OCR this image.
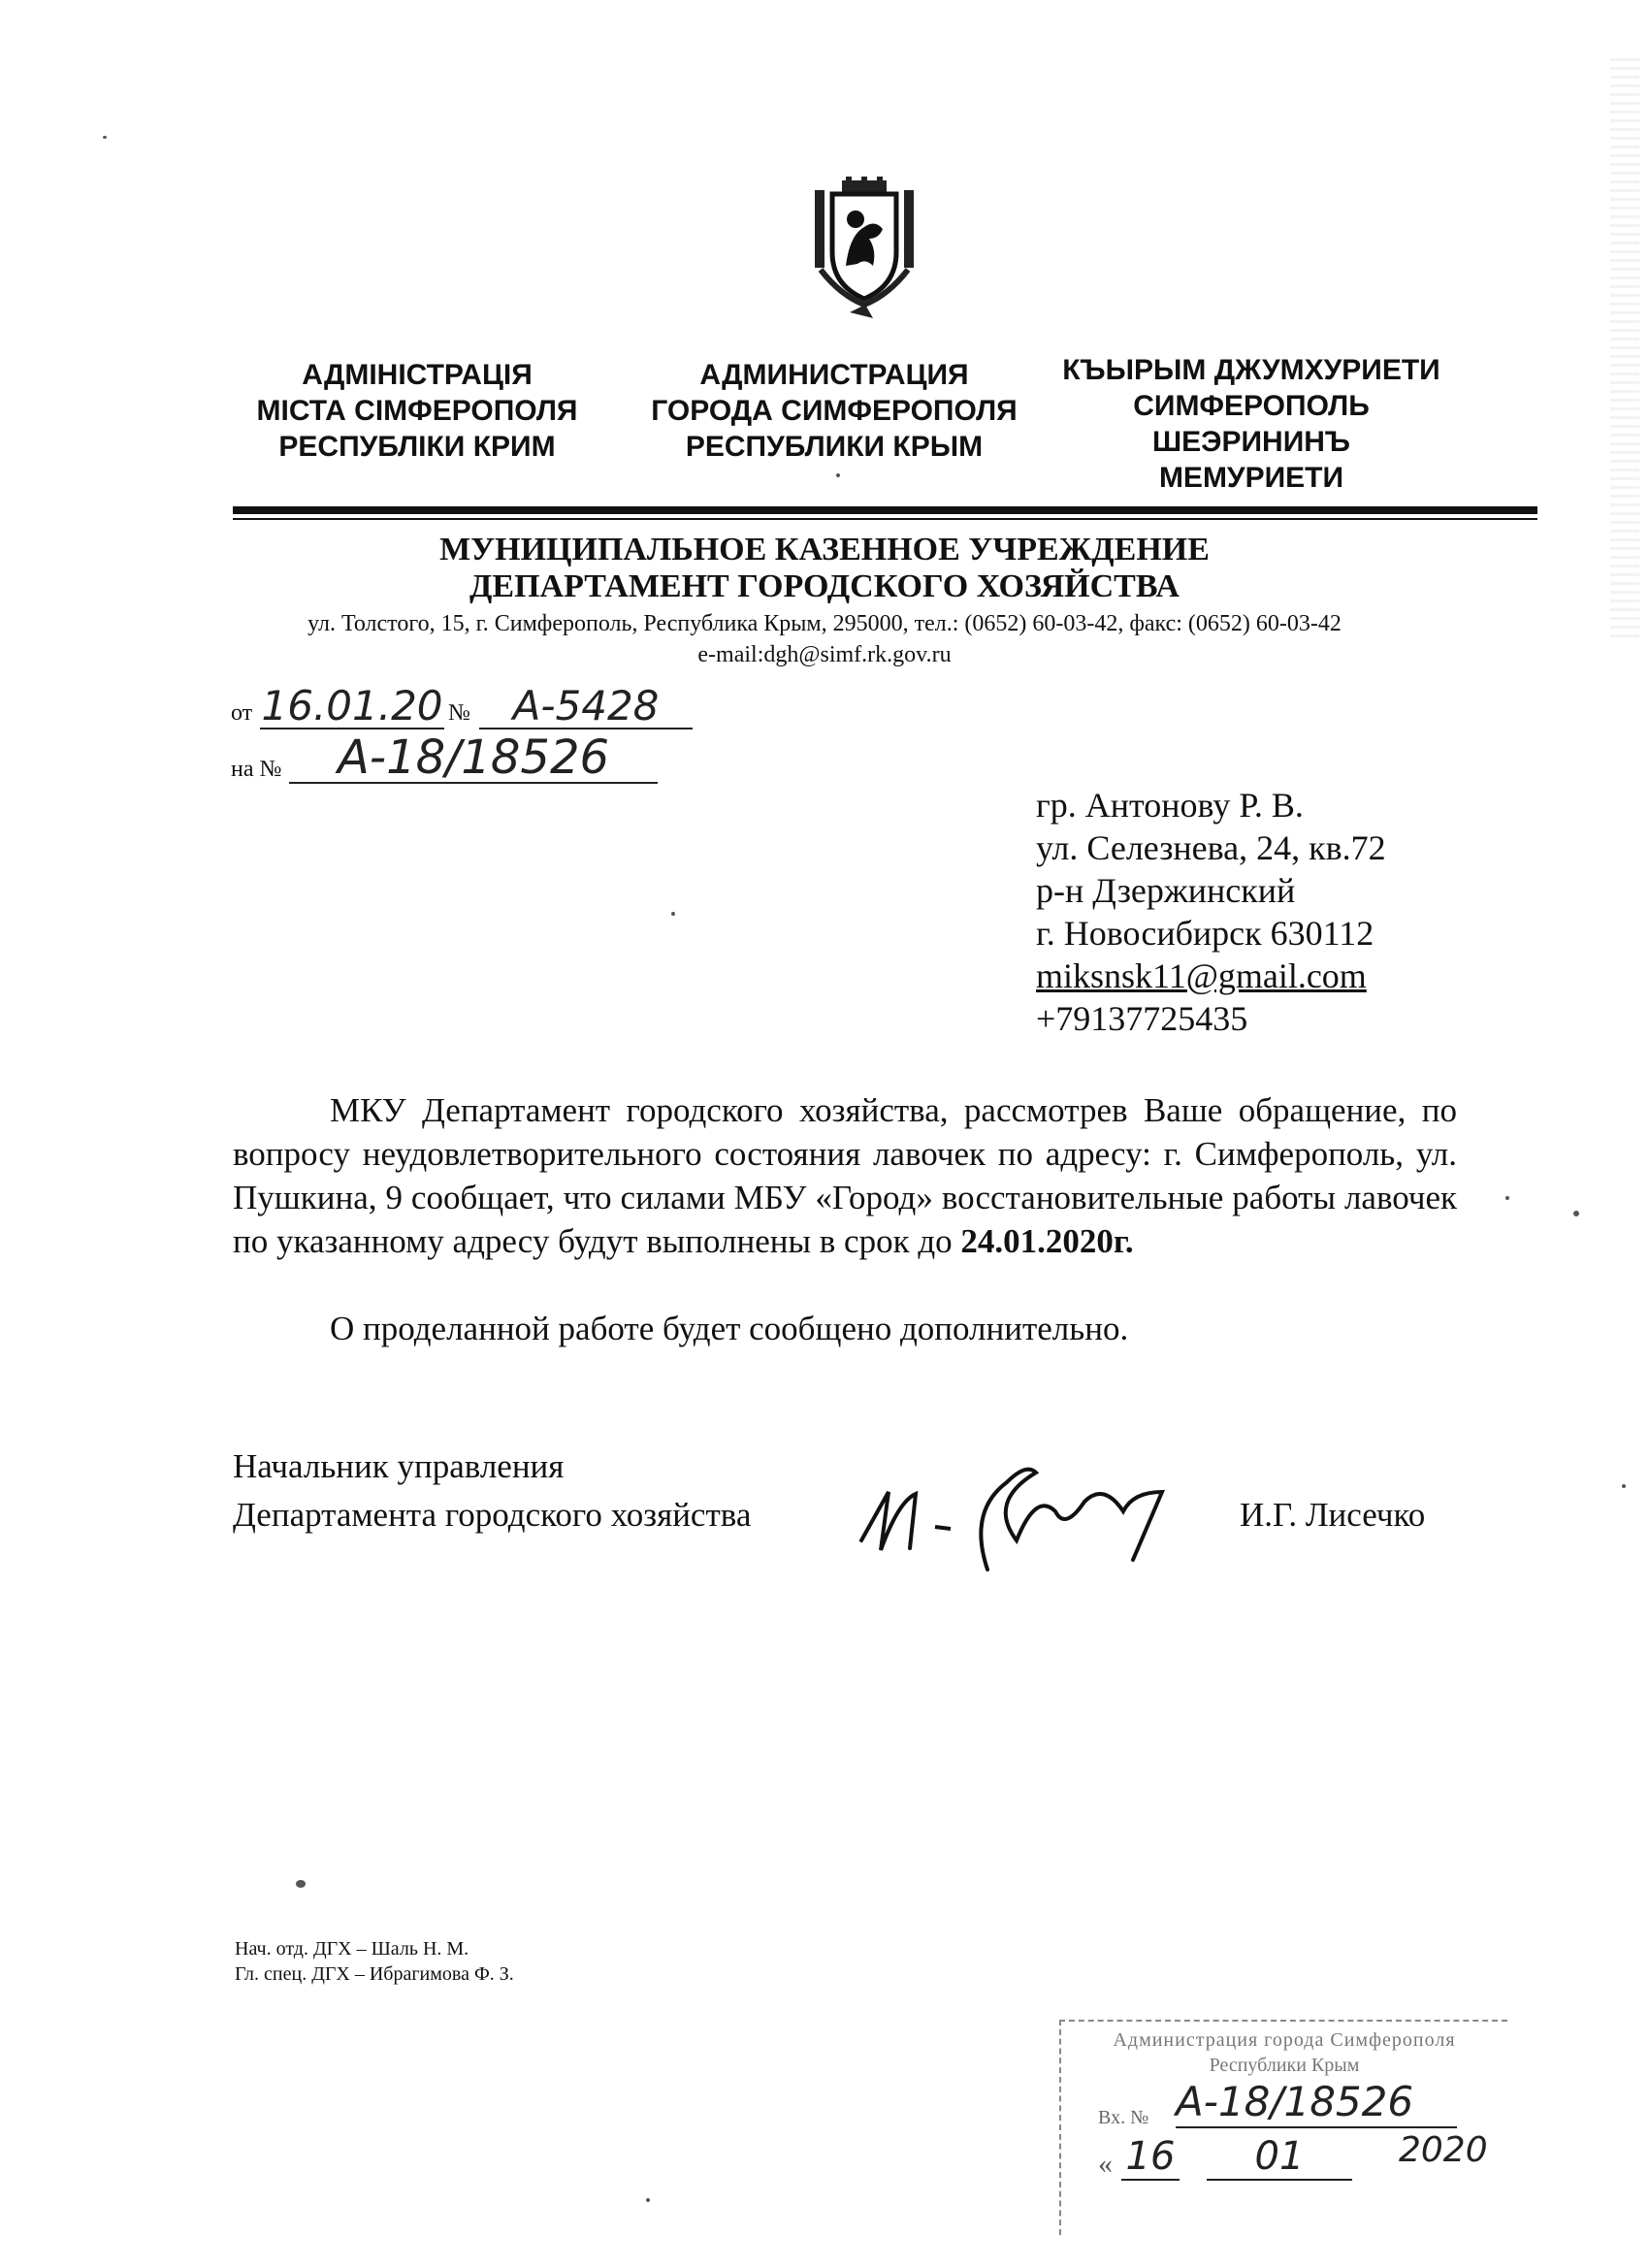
АДМІНІСТРАЦІЯ
МІСТА СІМФЕРОПОЛЯ
РЕСПУБЛІКИ КРИМ
АДМИНИСТРАЦИЯ
ГОРОДА СИМФЕРОПОЛЯ
РЕСПУБЛИКИ КРЫМ
КЪЫРЫМ ДЖУМХУРИЕТИ
СИМФЕРОПОЛЬ
ШЕЭРИНИНЪ
МЕМУРИЕТИ
МУНИЦИПАЛЬНОЕ КАЗЕННОЕ УЧРЕЖДЕНИЕ
ДЕПАРТАМЕНТ ГОРОДСКОГО ХОЗЯЙСТВА
ул. Толстого, 15, г. Симферополь, Республика Крым, 295000, тел.: (0652) 60-03-42, факс: (0652) 60-03-42
e-mail:dgh@simf.rk.gov.ru
от 16.01.20 №	А-5428
на №	А-18/18526
гр. Антонову Р. В.
ул. Селезнева, 24, кв.72
р-н Дзержинский
г. Новосибирск 630112
miksnsk11@gmail.com
+79137725435
МКУ Департамент городского хозяйства, рассмотрев Ваше обращение, по вопросу неудовлетворительного состояния лавочек по адресу: г. Симферополь, ул. Пушкина, 9 сообщает, что силами МБУ «Город» восстановительные работы лавочек по указанному адресу будут выполнены в срок до 24.01.2020г.
О проделанной работе будет сообщено дополнительно.
Начальник управления
Департамента городского хозяйства	И.Г. Лисечко
Нач. отд. ДГХ – Шаль Н. М.
Гл. спец. ДГХ – Ибрагимова Ф. З.
Администрация города Симферополя
Республики Крым
Вх. № А-18/18526
« 16	01	2020
